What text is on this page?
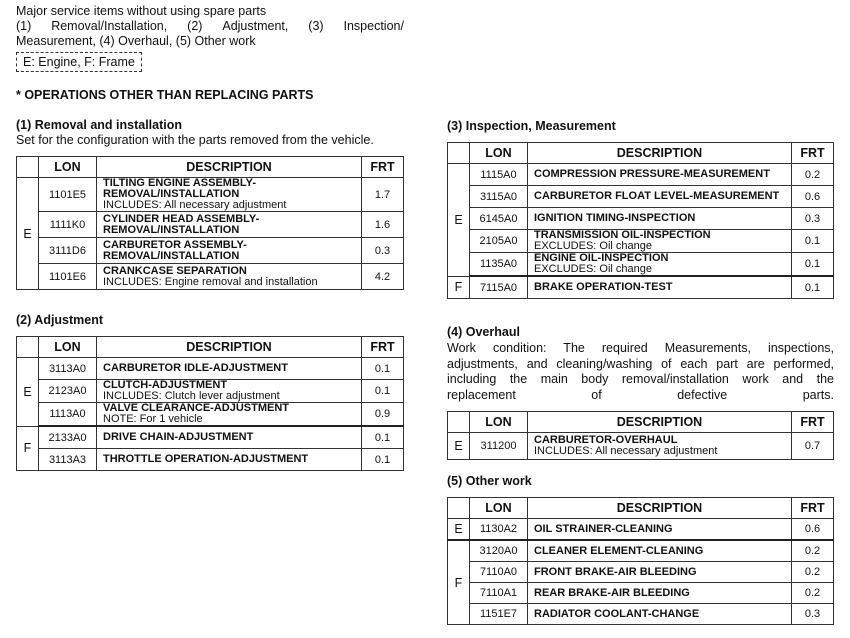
Major service items without using spare parts
(1) Removal/Installation, (2) Adjustment, (3) Inspection/
Measurement, (4) Overhaul, (5) Other work
E: Engine, F: Frame
* OPERATIONS OTHER THAN REPLACING PARTS
(1) Removal and installation
Set for the configuration with the parts removed from the vehicle.
	LON	DESCRIPTION	FRT
E	1101E5	TILTING ENGINE ASSEMBLY-REMOVAL/INSTALLATION
INCLUDES: All necessary adjustment	1.7
	1111K0	CYLINDER HEAD ASSEMBLY-REMOVAL/INSTALLATION	1.6
	3111D6	CARBURETOR ASSEMBLY-REMOVAL/INSTALLATION	0.3
	1101E6	CRANKCASE SEPARATION
INCLUDES: Engine removal and installation	4.2
(2) Adjustment
	LON	DESCRIPTION	FRT
E	3113A0	CARBURETOR IDLE-ADJUSTMENT	0.1
	2123A0	CLUTCH-ADJUSTMENT
INCLUDES: Clutch lever adjustment	0.1
	1113A0	VALVE CLEARANCE-ADJUSTMENT
NOTE: For 1 vehicle	0.9
F	2133A0	DRIVE CHAIN-ADJUSTMENT	0.1
	3113A3	THROTTLE OPERATION-ADJUSTMENT	0.1
(3) Inspection, Measurement
	LON	DESCRIPTION	FRT
E	1115A0	COMPRESSION PRESSURE-MEASUREMENT	0.2
	3115A0	CARBURETOR FLOAT LEVEL-MEASUREMENT	0.6
	6145A0	IGNITION TIMING-INSPECTION	0.3
	2105A0	TRANSMISSION OIL-INSPECTION
EXCLUDES: Oil change	0.1
	1135A0	ENGINE OIL-INSPECTION
EXCLUDES: Oil change	0.1
F	7115A0	BRAKE OPERATION-TEST	0.1
(4) Overhaul
Work condition: The required Measurements, inspections, adjustments, and cleaning/washing of each part are performed, including the main body removal/installation work and the replacement of defective parts.
	LON	DESCRIPTION	FRT
E	311200	CARBURETOR-OVERHAUL
INCLUDES: All necessary adjustment	0.7
(5) Other work
	LON	DESCRIPTION	FRT
E	1130A2	OIL STRAINER-CLEANING	0.6
F	3120A0	CLEANER ELEMENT-CLEANING	0.2
	7110A0	FRONT BRAKE-AIR BLEEDING	0.2
	7110A1	REAR BRAKE-AIR BLEEDING	0.2
	1151E7	RADIATOR COOLANT-CHANGE	0.3
